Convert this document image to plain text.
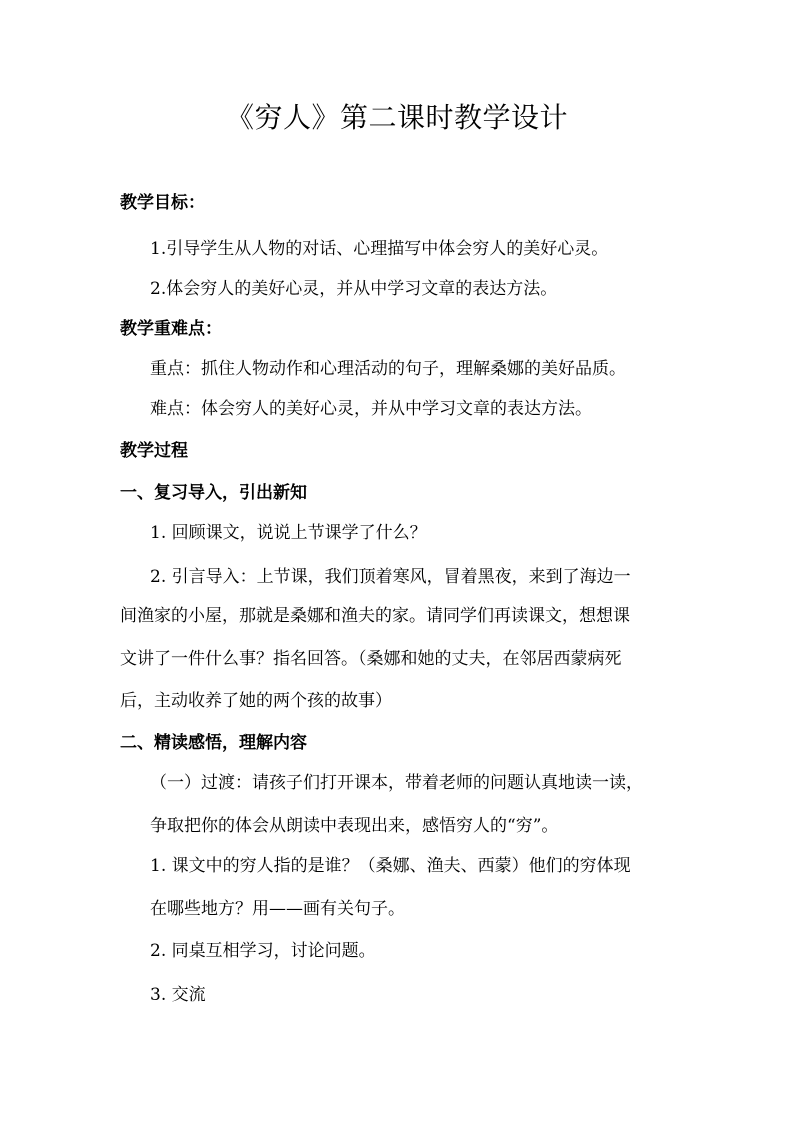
《穷人》第二课时教学设计
教学目标：
1.引导学生从人物的对话、心理描写中体会穷人的美好心灵。
2.体会穷人的美好心灵，并从中学习文章的表达方法。
教学重难点：
重点：抓住人物动作和心理活动的句子，理解桑娜的美好品质。
难点：体会穷人的美好心灵，并从中学习文章的表达方法。
教学过程
一、复习导入，引出新知
1. 回顾课文，说说上节课学了什么？
2. 引言导入：上节课，我们顶着寒风，冒着黑夜，来到了海边一
间渔家的小屋，那就是桑娜和渔夫的家。请同学们再读课文，想想课
文讲了一件什么事？指名回答。（桑娜和她的丈夫，在邻居西蒙病死
后，主动收养了她的两个孩的故事）
二、精读感悟，理解内容
（一）过渡：请孩子们打开课本，带着老师的问题认真地读一读，
争取把你的体会从朗读中表现出来，感悟穷人的“穷”。
1. 课文中的穷人指的是谁？（桑娜、渔夫、西蒙）他们的穷体现
在哪些地方？用——画有关句子。
2. 同桌互相学习，讨论问题。
3. 交流
